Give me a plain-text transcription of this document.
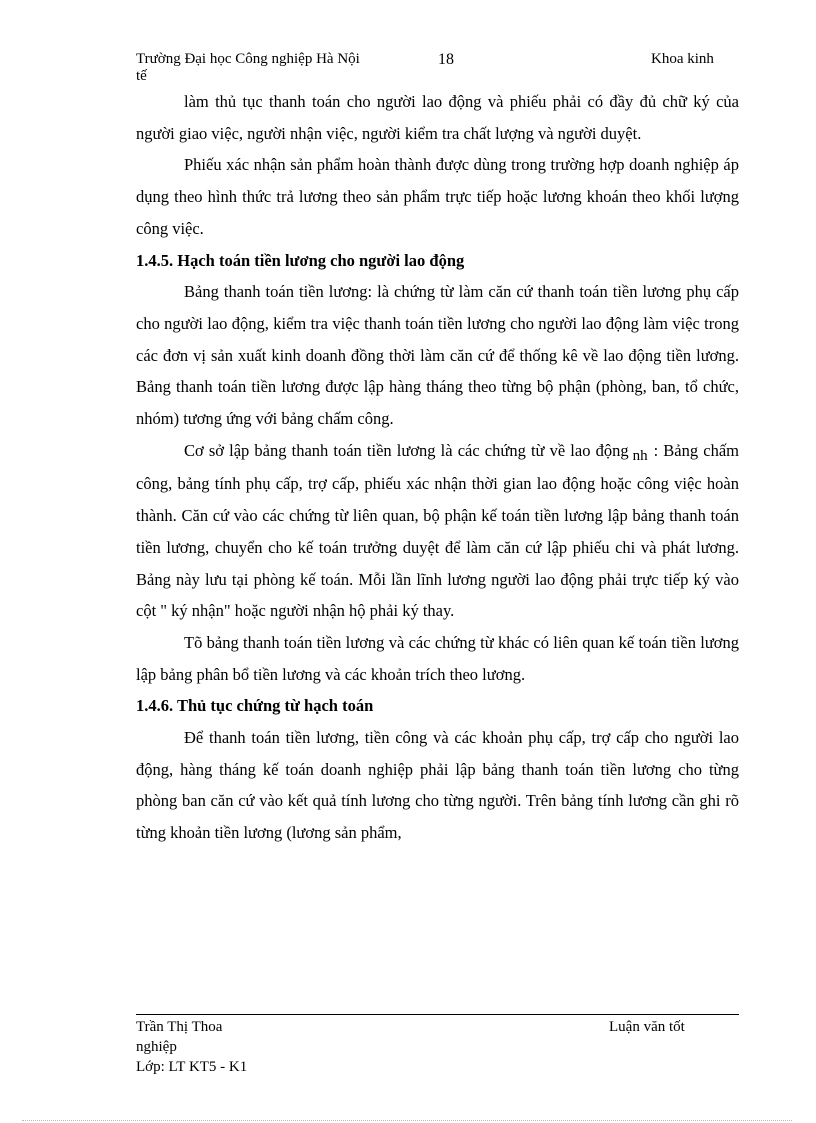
Trường Đại học Công nghiệp Hà Nội	18	Khoa kinh
tế

làm thủ tục thanh toán cho người lao động và phiếu phải có đầy đủ chữ ký của người giao việc, người nhận việc, người kiểm tra chất lượng và người duyệt.

Phiếu xác nhận sản phẩm hoàn thành được dùng trong trường hợp doanh nghiệp áp dụng theo hình thức trả lương theo sản phẩm trực tiếp hoặc lương khoán theo khối lượng công việc.

1.4.5. Hạch toán tiền lương cho người lao động

Bảng thanh toán tiền lương: là chứng từ làm căn cứ thanh toán tiền lương phụ cấp cho người lao động, kiểm tra việc thanh toán tiền lương cho người lao động làm việc trong các đơn vị sản xuất kinh doanh đồng thời làm căn cứ để thống kê về lao động tiền lương. Bảng thanh toán tiền lương được lập hàng tháng theo từng bộ phận (phòng, ban, tổ chức, nhóm) tương ứng với bảng chấm công.

Cơ sở lập bảng thanh toán tiền lương là các chứng từ về lao động nh : Bảng chấm công, bảng tính phụ cấp, trợ cấp, phiếu xác nhận thời gian lao động hoặc công việc hoàn thành. Căn cứ vào các chứng từ liên quan, bộ phận kế toán tiền lương lập bảng thanh toán tiền lương, chuyển cho kế toán trưởng duyệt để làm căn cứ lập phiếu chi và phát lương. Bảng này lưu tại phòng kế toán. Mỗi lần lĩnh lương người lao động phải trực tiếp ký vào cột " ký nhận" hoặc người nhận hộ phải ký thay.

Tõ bảng thanh toán tiền lương và các chứng từ khác có liên quan kế toán tiền lương lập bảng phân bổ tiền lương và các khoản trích theo lương.

1.4.6. Thủ tục chứng từ hạch toán

Để thanh toán tiền lương, tiền công và các khoản phụ cấp, trợ cấp cho người lao động, hàng tháng kế toán doanh nghiệp phải lập bảng thanh toán tiền lương cho từng phòng ban căn cứ vào kết quả tính lương cho từng người. Trên bảng tính lương cần ghi rõ từng khoản tiền lương (lương sản phẩm,

Trần Thị Thoa	Luận văn tốt
nghiệp
Lớp: LT KT5 - K1
